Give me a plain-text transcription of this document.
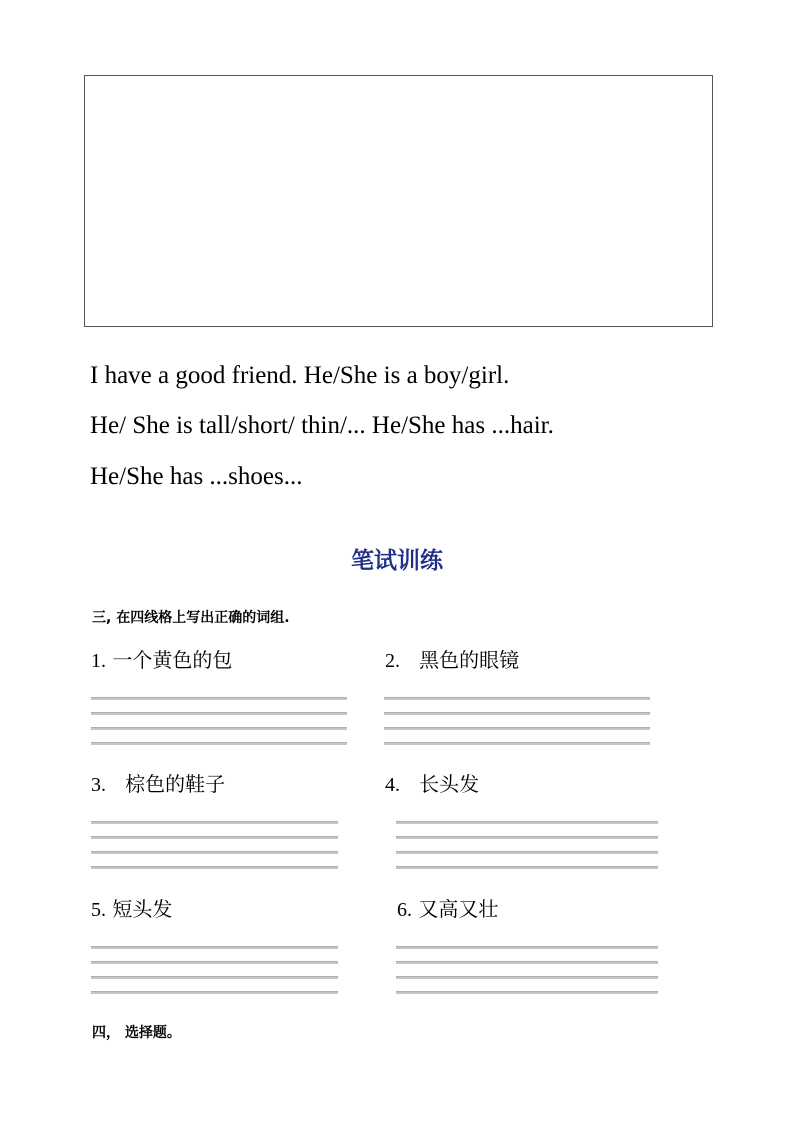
I have a good friend. He/She is a boy/girl.
He/ She is tall/short/ thin/... He/She has ...hair.
He/She has ...shoes...
笔试训练
三, 在四线格上写出正确的词组.
1. 一个黄色的包	2. 黑色的眼镜
3. 棕色的鞋子	4. 长头发
5. 短头发	6. 又高又壮
四， 选择题。
